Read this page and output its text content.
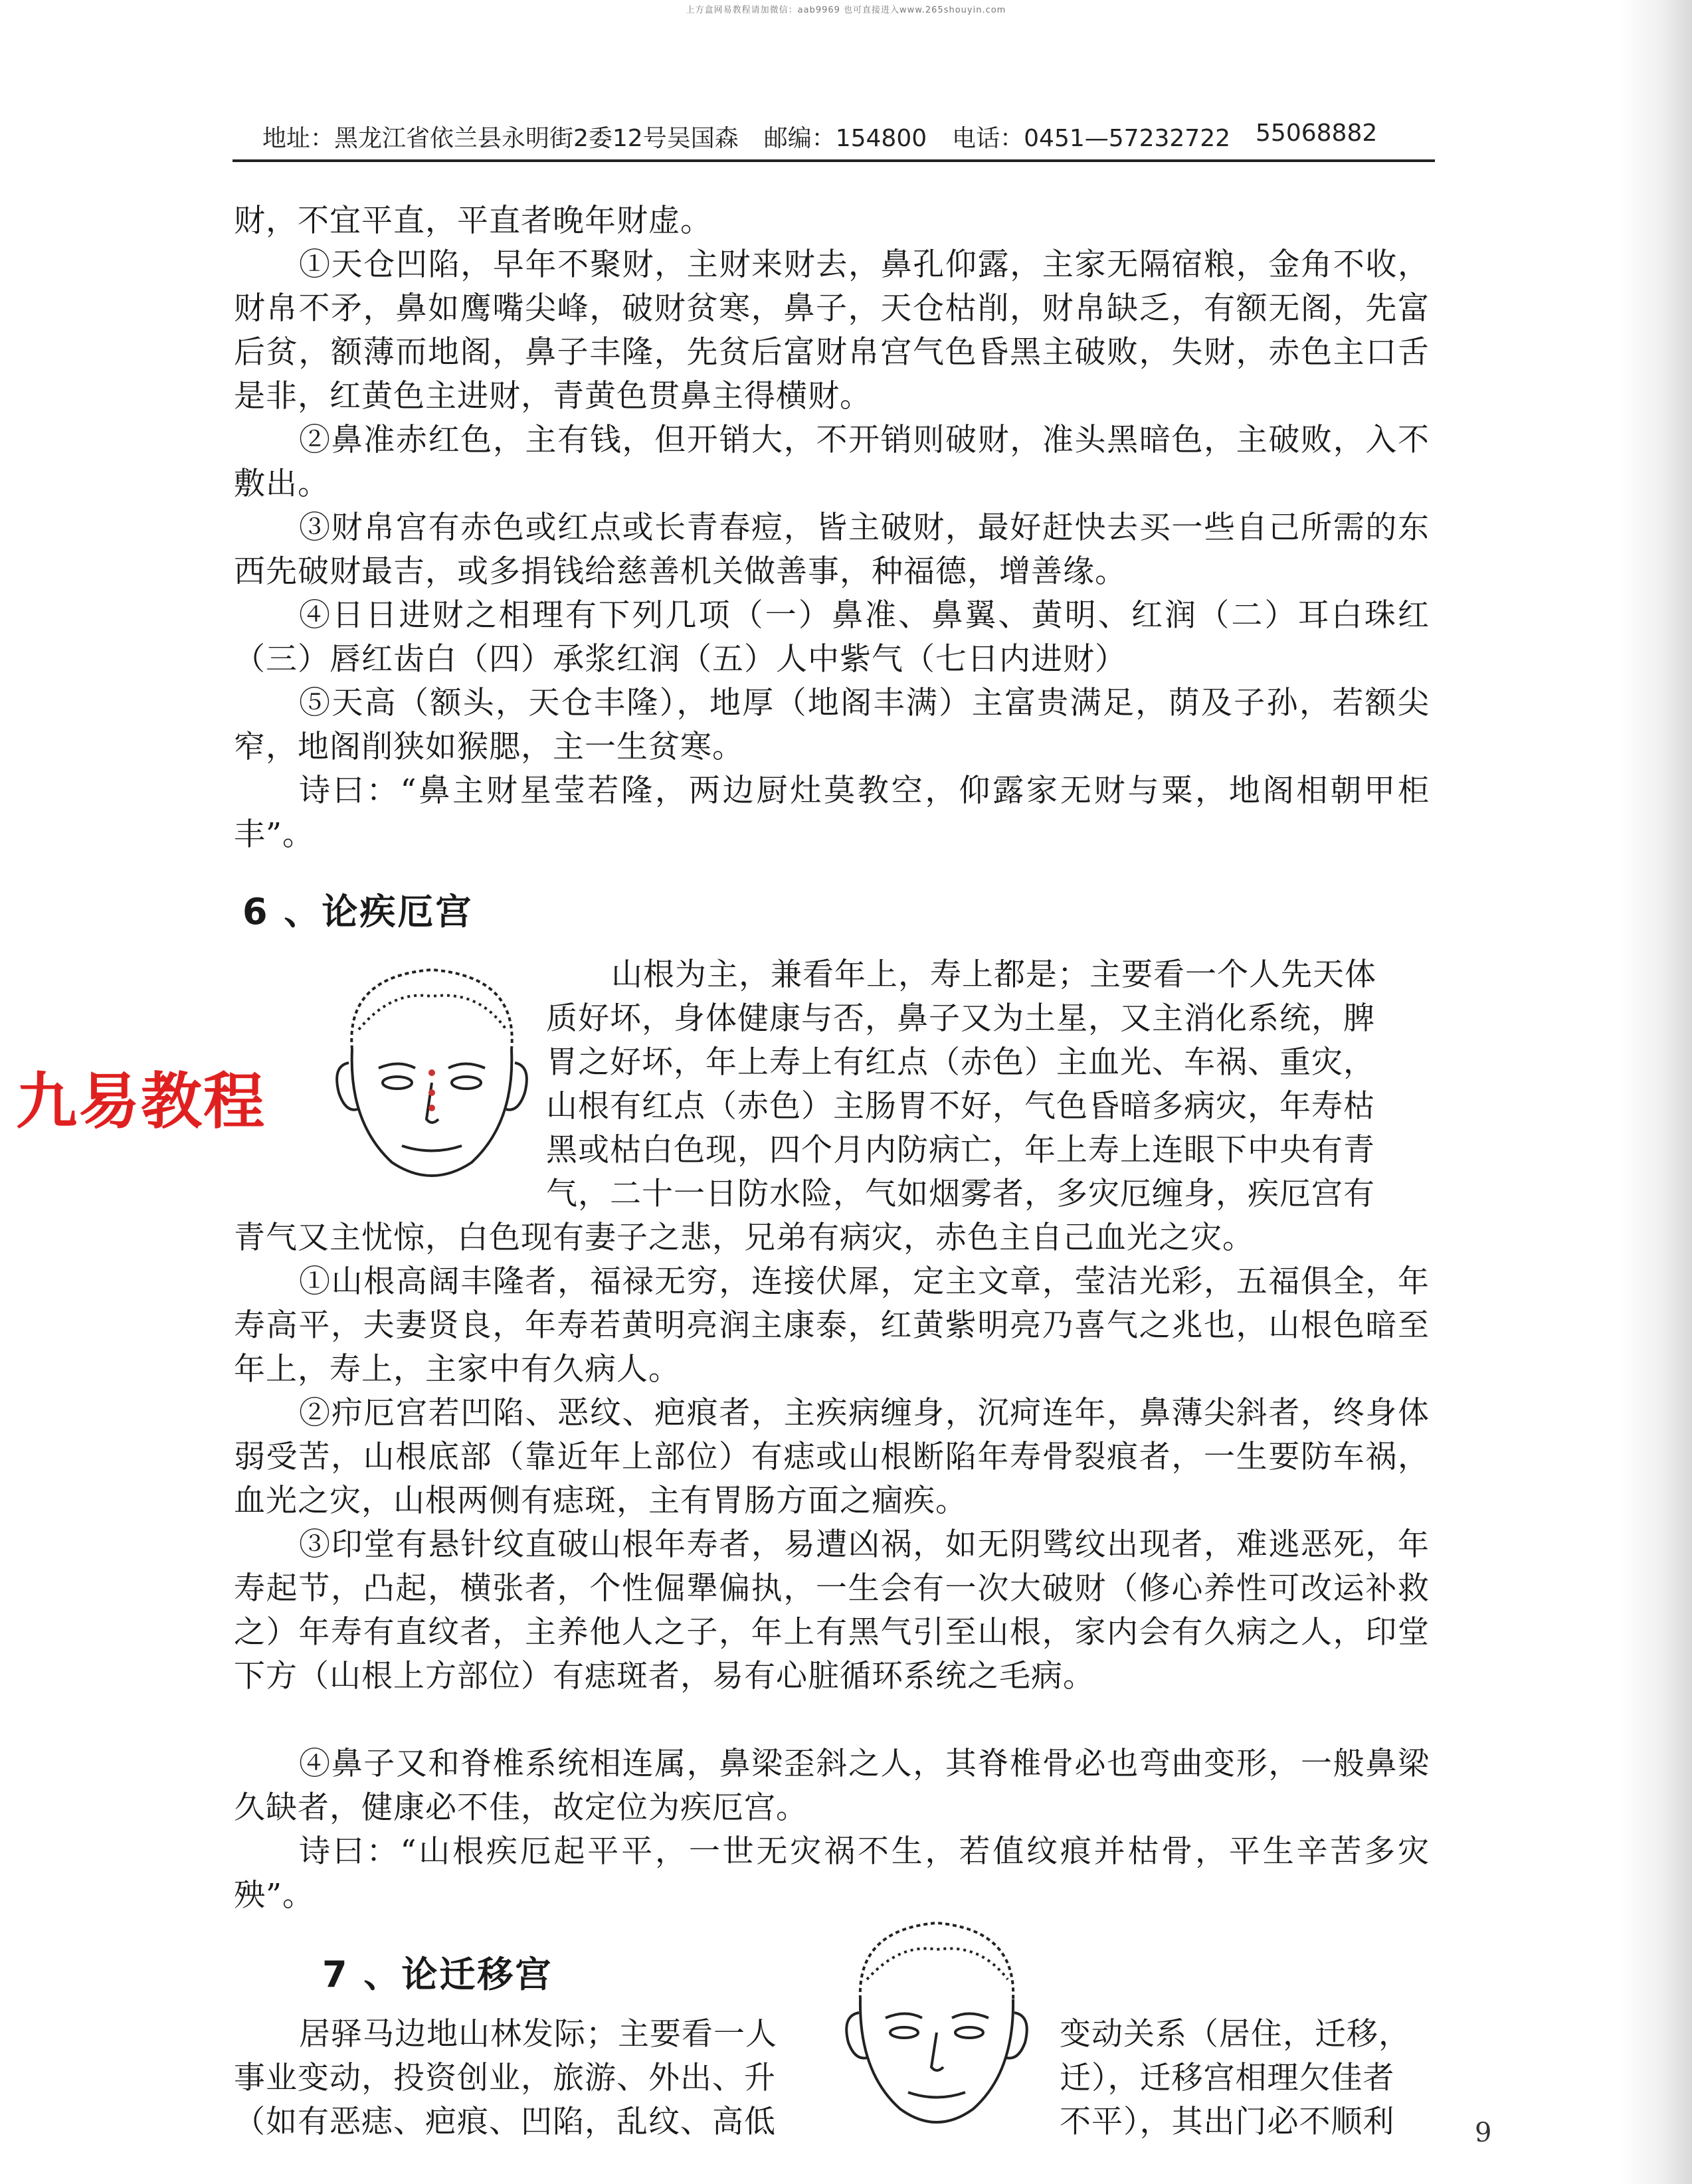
上方盒网易教程请加微信：aab9969 也可直接进入www.265shouyin.com
地址：黑龙江省依兰县永明街2委12号吴国森 邮编：154800 电话：0451—57232722 55068882
财，不宜平直，平直者晚年财虚。
①天仓凹陷，早年不聚财，主财来财去，鼻孔仰露，主家无隔宿粮，金角不收，财帛不矛，鼻如鹰嘴尖峰，破财贫寒，鼻子，天仓枯削，财帛缺乏，有额无阁，先富后贫，额薄而地阁，鼻子丰隆，先贫后富财帛宫气色昏黑主破败，失财，赤色主口舌是非，红黄色主进财，青黄色贯鼻主得横财。
②鼻准赤红色，主有钱，但开销大，不开销则破财，准头黑暗色，主破败，入不敷出。
③财帛宫有赤色或红点或长青春痘，皆主破财，最好赶快去买一些自己所需的东西先破财最吉，或多捐钱给慈善机关做善事，种福德，增善缘。
④日日进财之相理有下列几项（一）鼻准、鼻翼、黄明、红润（二）耳白珠红（三）唇红齿白（四）承浆红润（五）人中紫气（七日内进财）
⑤天高（额头，天仓丰隆），地厚（地阁丰满）主富贵满足，荫及子孙，若额尖窄，地阁削狭如猴腮，主一生贫寒。
诗曰：“鼻主财星莹若隆，两边厨灶莫教空，仰露家无财与粟，地阁相朝甲柜丰”。
6 、论疾厄宫
九易教程
山根为主，兼看年上，寿上都是；主要看一个人先天体
质好坏，身体健康与否，鼻子又为土星，又主消化系统，脾
胃之好坏，年上寿上有红点（赤色）主血光、车祸、重灾，
山根有红点（赤色）主肠胃不好，气色昏暗多病灾，年寿枯
黑或枯白色现，四个月内防病亡，年上寿上连眼下中央有青
气，二十一日防水险，气如烟雾者，多灾厄缠身，疾厄宫有
青气又主忧惊，白色现有妻子之悲，兄弟有病灾，赤色主自己血光之灾。
①山根高阔丰隆者，福禄无穷，连接伏犀，定主文章，莹洁光彩，五福俱全，年寿高平，夫妻贤良，年寿若黄明亮润主康泰，红黄紫明亮乃喜气之兆也，山根色暗至年上，寿上，主家中有久病人。
②疖厄宫若凹陷、恶纹、疤痕者，主疾病缠身，沉疴连年，鼻薄尖斜者，终身体弱受苦，山根底部（靠近年上部位）有痣或山根断陷年寿骨裂痕者，一生要防车祸，血光之灾，山根两侧有痣斑，主有胃肠方面之痼疾。
③印堂有悬针纹直破山根年寿者，易遭凶祸，如无阴骘纹出现者，难逃恶死，年寿起节，凸起，横张者，个性倔犟偏执，一生会有一次大破财（修心养性可改运补救之）年寿有直纹者，主养他人之子，年上有黑气引至山根，家内会有久病之人，印堂下方（山根上方部位）有痣斑者，易有心脏循环系统之毛病。
④鼻子又和脊椎系统相连属，鼻梁歪斜之人，其脊椎骨必也弯曲变形，一般鼻梁久缺者，健康必不佳，故定位为疾厄宫。
诗曰：“山根疾厄起平平，一世无灾祸不生，若值纹痕并枯骨，平生辛苦多灾殃”。
7 、论迁移宫
居驿马边地山林发际；主要看一人
事业变动，投资创业，旅游、外出、升
（如有恶痣、疤痕、凹陷，乱纹、高低
变动关系（居住，迁移，
迁），迁移宫相理欠佳者
不平），其出门必不顺利	9
